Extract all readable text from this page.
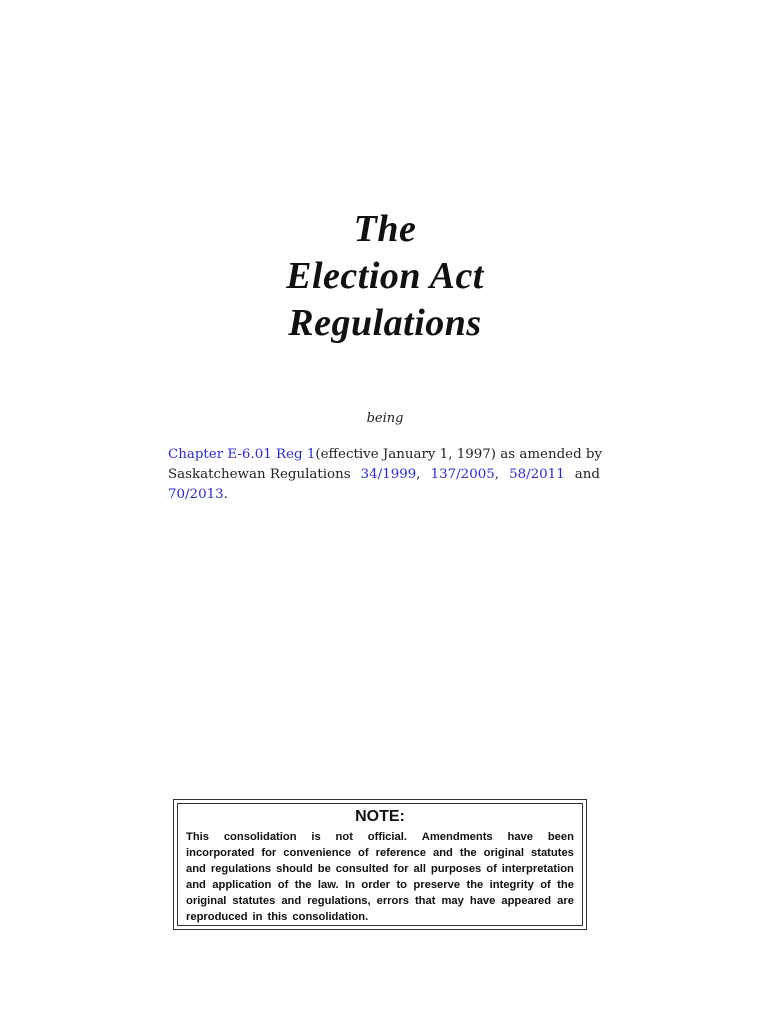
The
Election Act
Regulations
being
Chapter E-6.01 Reg 1 (effective January 1, 1997) as amended by
Saskatchewan Regulations 34/1999, 137/2005, 58/2011 and
70/2013 .
NOTE:
This consolidation is not official. Amendments have been
incorporated for convenience of reference and the original statutes
and regulations should be consulted for all purposes of interpretation
and application of the law. In order to preserve the integrity of the
original statutes and regulations, errors that may have appeared are
reproduced in this consolidation.
